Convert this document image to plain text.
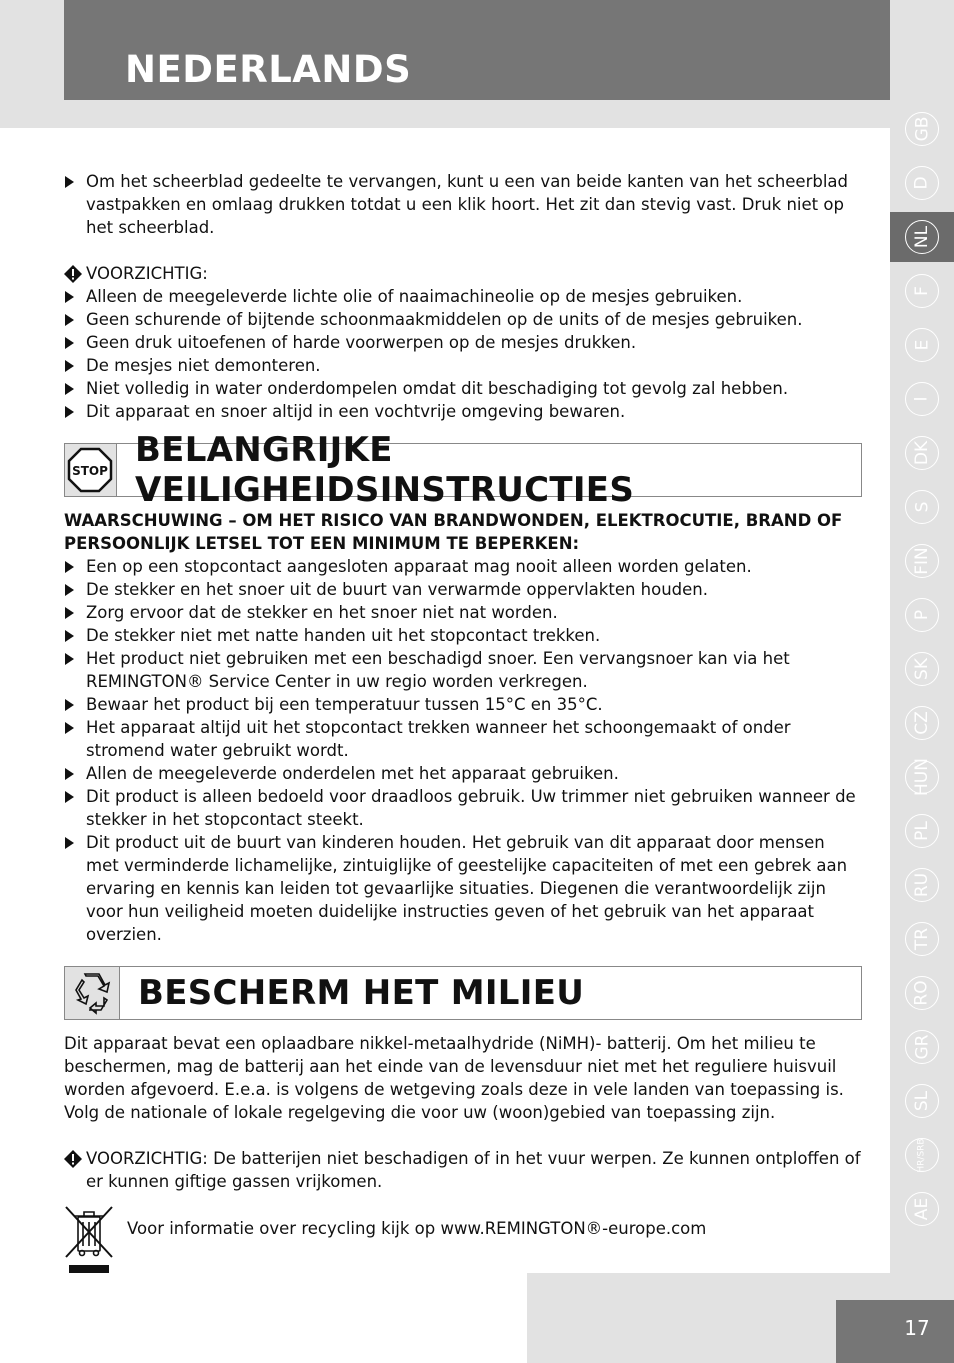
NEDERLANDS
GB
D
NL
F
E
I
DK
S
FIN
P
SK
CZ
HUN
PL
RU
TR
RO
GR
SL
HR/SRB
AE
Om het scheerblad gedeelte te vervangen, kunt u een van beide kanten van het scheerblad vastpakken en omlaag drukken totdat u een klik hoort. Het zit dan stevig vast. Druk niet op het scheerblad.
VOORZICHTIG:
Alleen de meegeleverde lichte olie of naaimachineolie op de mesjes gebruiken.
Geen schurende of bijtende schoonmaakmiddelen op de units of de mesjes gebruiken.
Geen druk uitoefenen of harde voorwerpen op de mesjes drukken.
De mesjes niet demonteren.
Niet volledig in water onderdompelen omdat dit beschadiging tot gevolg zal hebben.
Dit apparaat en snoer altijd in een vochtvrije omgeving bewaren.
STOP
BELANGRIJKE VEILIGHEIDSINSTRUCTIES

WAARSCHUWING – OM HET RISICO VAN BRANDWONDEN, ELEKTROCUTIE, BRAND OF PERSOONLIJK LETSEL TOT EEN MINIMUM TE BEPERKEN:

Een op een stopcontact aangesloten apparaat mag nooit alleen worden gelaten.
De stekker en het snoer uit de buurt van verwarmde oppervlakten houden.
Zorg ervoor dat de stekker en het snoer niet nat worden.
De stekker niet met natte handen uit het stopcontact trekken.
Het product niet gebruiken met een beschadigd snoer. Een vervangsnoer kan via het REMINGTON® Service Center in uw regio worden verkregen.
Bewaar het product bij een temperatuur tussen 15°C en 35°C.
Het apparaat altijd uit het stopcontact trekken wanneer het schoongemaakt of onder stromend water gebruikt wordt.
Allen de meegeleverde onderdelen met het apparaat gebruiken.
Dit product is alleen bedoeld voor draadloos gebruik. Uw trimmer niet gebruiken wanneer de stekker in het stopcontact steekt.
Dit product uit de buurt van kinderen houden. Het gebruik van dit apparaat door mensen met verminderde lichamelijke, zintuiglijke of geestelijke capaciteiten of met een gebrek aan ervaring en kennis kan leiden tot gevaarlijke situaties. Diegenen die verantwoordelijk zijn voor hun veiligheid moeten duidelijke instructies geven of het gebruik van het apparaat overzien.
BESCHERM HET MILIEU

Dit apparaat bevat een oplaadbare nikkel-metaalhydride (NiMH)- batterij. Om het milieu te beschermen, mag de batterij aan het einde van de levensduur niet met het reguliere huisvuil worden afgevoerd. E.e.a. is volgens de wetgeving zoals deze in vele landen van toepassing is. Volg de nationale of lokale regelgeving die voor uw (woon)gebied van toepassing zijn.

VOORZICHTIG: De batterijen niet beschadigen of in het vuur werpen. Ze kunnen ontploffen of er kunnen giftige gassen vrijkomen.
Voor informatie over recycling kijk op www.REMINGTON®-europe.com
17
